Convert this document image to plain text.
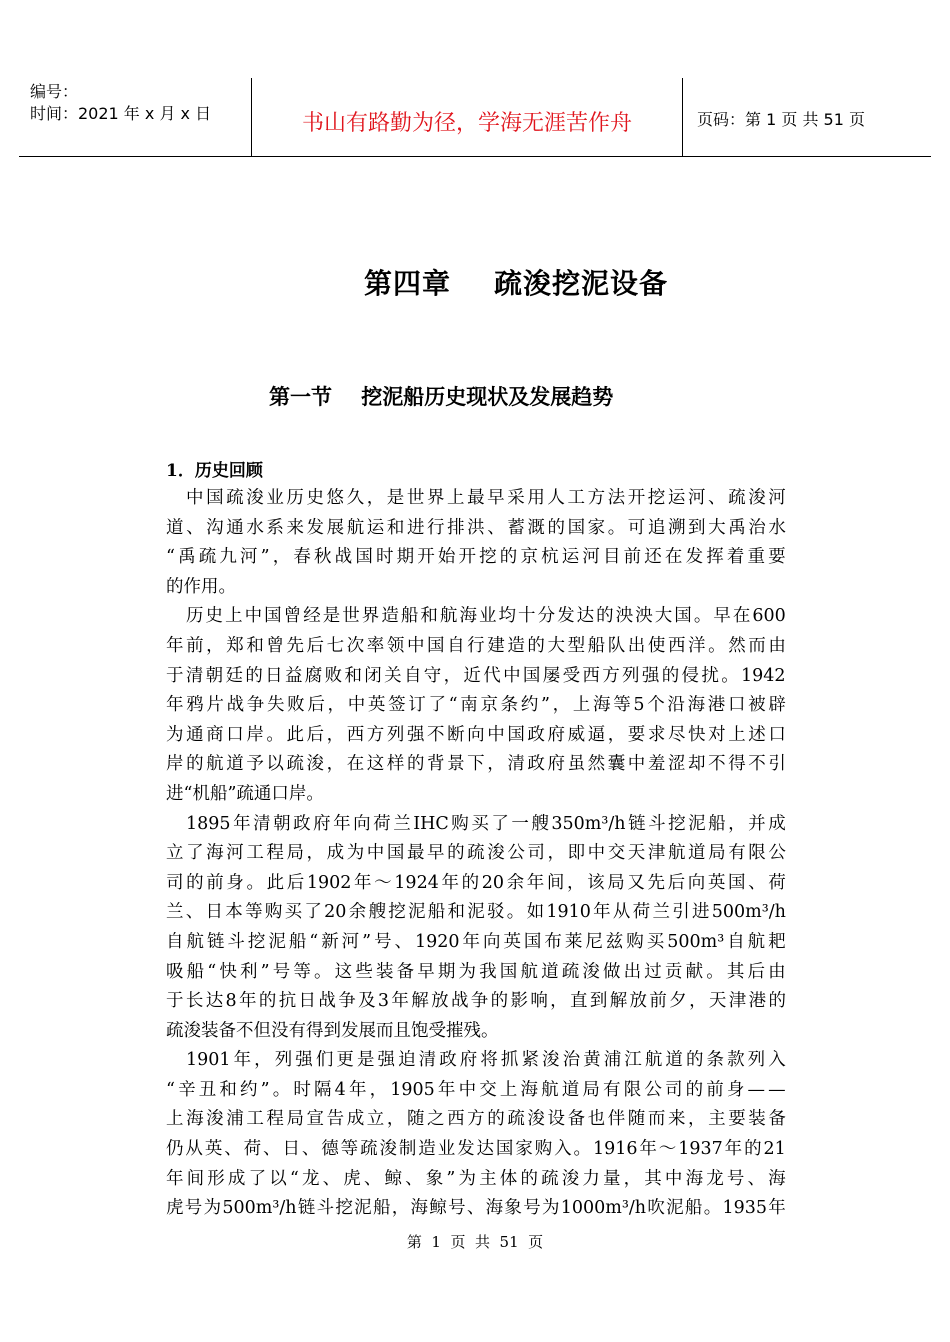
编号：
时间：2021 年 x 月 x 日	书山有路勤为径，学海无涯苦作舟	页码：第 1 页 共 51 页
第四章    疏浚挖泥设备
第一节    挖泥船历史现状及发展趋势
1．历史回顾
中 国 疏 浚 业 历 史 悠 久 ， 是 世 界 上 最 早 采 用 人 工 方 法 开 挖 运 河 、 疏 浚 河
道 、 沟 通 水 系 来 发 展 航 运 和 进 行 排 洪 、 蓄 溉 的 国 家 。 可 追 溯 到 大 禹 治 水
“ 禹 疏 九 河 ” ， 春 秋 战 国 时 期 开 始 开 挖 的 京 杭 运 河 目 前 还 在 发 挥 着 重 要
的作用。
历 史 上 中 国 曾 经 是 世 界 造 船 和 航 海 业 均 十 分 发 达 的 泱 泱 大 国 。 早 在 600
年 前 ， 郑 和 曾 先 后 七 次 率 领 中 国 自 行 建 造 的 大 型 船 队 出 使 西 洋 。 然 而 由
于 清 朝 廷 的 日 益 腐 败 和 闭 关 自 守 ， 近 代 中 国 屡 受 西 方 列 强 的 侵 扰 。 1942
年 鸦 片 战 争 失 败 后 ， 中 英 签 订 了 “ 南 京 条 约 ” ， 上 海 等 5 个 沿 海 港 口 被 辟
为 通 商 口 岸 。 此 后 ， 西 方 列 强 不 断 向 中 国 政 府 威 逼 ， 要 求 尽 快 对 上 述 口
岸 的 航 道 予 以 疏 浚 ， 在 这 样 的 背 景 下 ， 清 政 府 虽 然 囊 中 羞 涩 却 不 得 不 引
进“机船”疏通口岸。
1895 年 清 朝 政 府 年 向 荷 兰 IHC 购 买 了 一 艘 350m³/h 链 斗 挖 泥 船 ， 并 成
立 了 海 河 工 程 局 ， 成 为 中 国 最 早 的 疏 浚 公 司 ， 即 中 交 天 津 航 道 局 有 限 公
司 的 前 身 。 此 后 1902 年 ～ 1924 年 的 20 余 年 间 ， 该 局 又 先 后 向 英 国 、 荷
兰 、 日 本 等 购 买 了 20 余 艘 挖 泥 船 和 泥 驳 。 如 1910 年 从 荷 兰 引 进 500m³/h
自 航 链 斗 挖 泥 船 “ 新 河 ” 号 、 1920 年 向 英 国 布 莱 尼 兹 购 买 500m³ 自 航 耙
吸 船 “ 快 利 ” 号 等 。 这 些 装 备 早 期 为 我 国 航 道 疏 浚 做 出 过 贡 献 。 其 后 由
于 长 达 8 年 的 抗 日 战 争 及 3 年 解 放 战 争 的 影 响 ， 直 到 解 放 前 夕 ， 天 津 港 的
疏浚装备不但没有得到发展而且饱受摧残。
1901 年 ， 列 强 们 更 是 强 迫 清 政 府 将 抓 紧 浚 治 黄 浦 江 航 道 的 条 款 列 入
“ 辛 丑 和 约 ” 。 时 隔 4 年 ， 1905 年 中 交 上 海 航 道 局 有 限 公 司 的 前 身 — —
上 海 浚 浦 工 程 局 宣 告 成 立 ， 随 之 西 方 的 疏 浚 设 备 也 伴 随 而 来 ， 主 要 装 备
仍 从 英 、 荷 、 日 、 德 等 疏 浚 制 造 业 发 达 国 家 购 入 。 1916 年 ～ 1937 年 的 21
年 间 形 成 了 以 “ 龙 、 虎 、 鲸 、 象 ” 为 主 体 的 疏 浚 力 量 ， 其 中 海 龙 号 、 海
虎 号 为 500m³/h 链 斗 挖 泥 船 ， 海 鲸 号 、 海 象 号 为 1000m³/h 吹 泥 船 。 1935 年
第  1  页  共  51  页
